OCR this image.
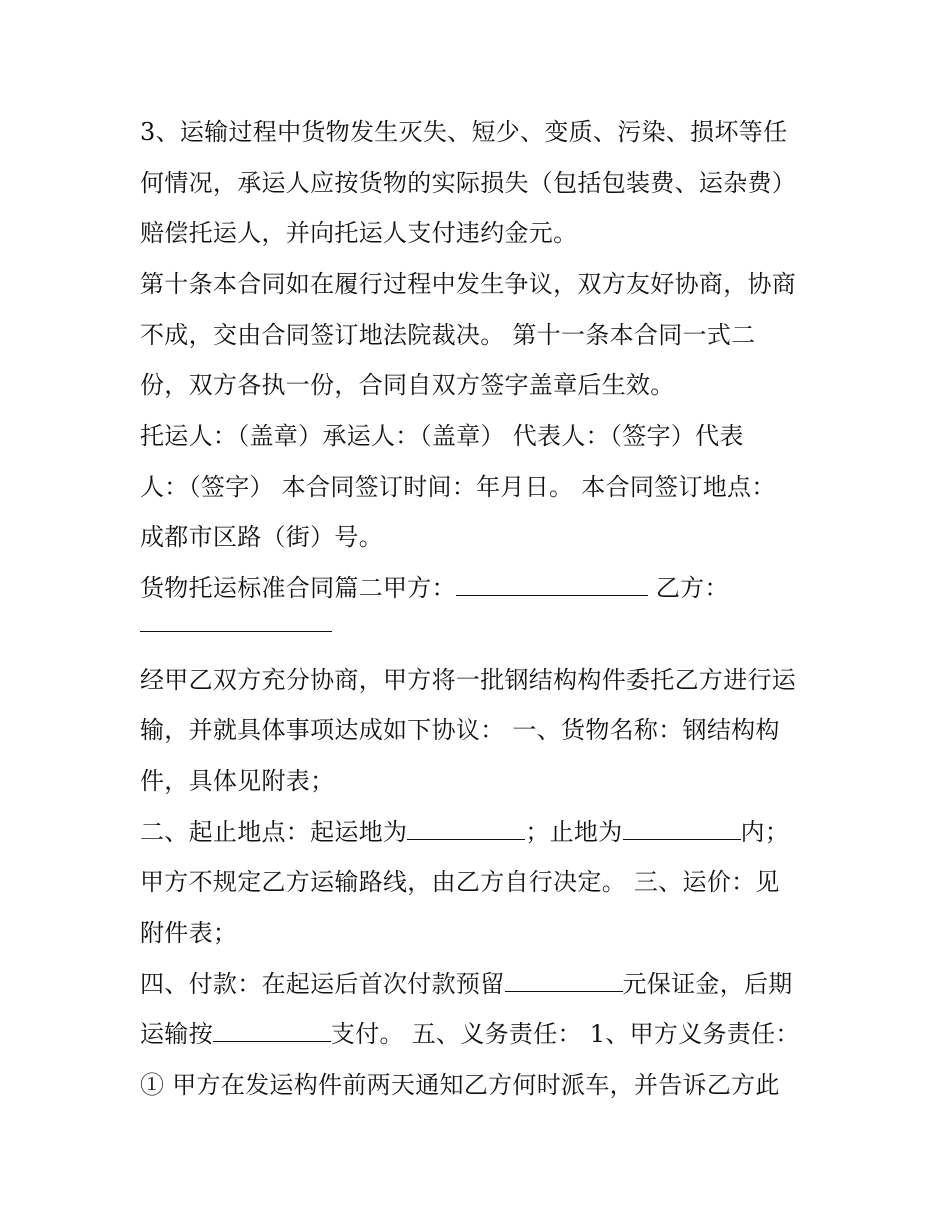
3、运输过程中货物发生灭失、短少、变质、污染、损坏等任
何情况，承运人应按货物的实际损失（包括包装费、运杂费）
赔偿托运人，并向托运人支付违约金元。
第十条本合同如在履行过程中发生争议，双方友好协商，协商
不成，交由合同签订地法院裁决。 第十一条本合同一式二
份，双方各执一份，合同自双方签字盖章后生效。
托运人：（盖章）承运人：（盖章） 代表人：（签字）代表
人：（签字） 本合同签订时间：年月日。 本合同签订地点：
成都市区路（街）号。
货物托运标准合同篇二甲方：	乙方：
经甲乙双方充分协商，甲方将一批钢结构构件委托乙方进行运
输，并就具体事项达成如下协议： 一、货物名称：钢结构构
件，具体见附表；
二、起止地点：起运地为	；止地为	内；
甲方不规定乙方运输路线，由乙方自行决定。 三、运价：见
附件表；
四、付款：在起运后首次付款预留	元保证金，后期
运输按	支付。 五、义务责任： 1、甲方义务责任：
① 甲方在发运构件前两天通知乙方何时派车，并告诉乙方此
